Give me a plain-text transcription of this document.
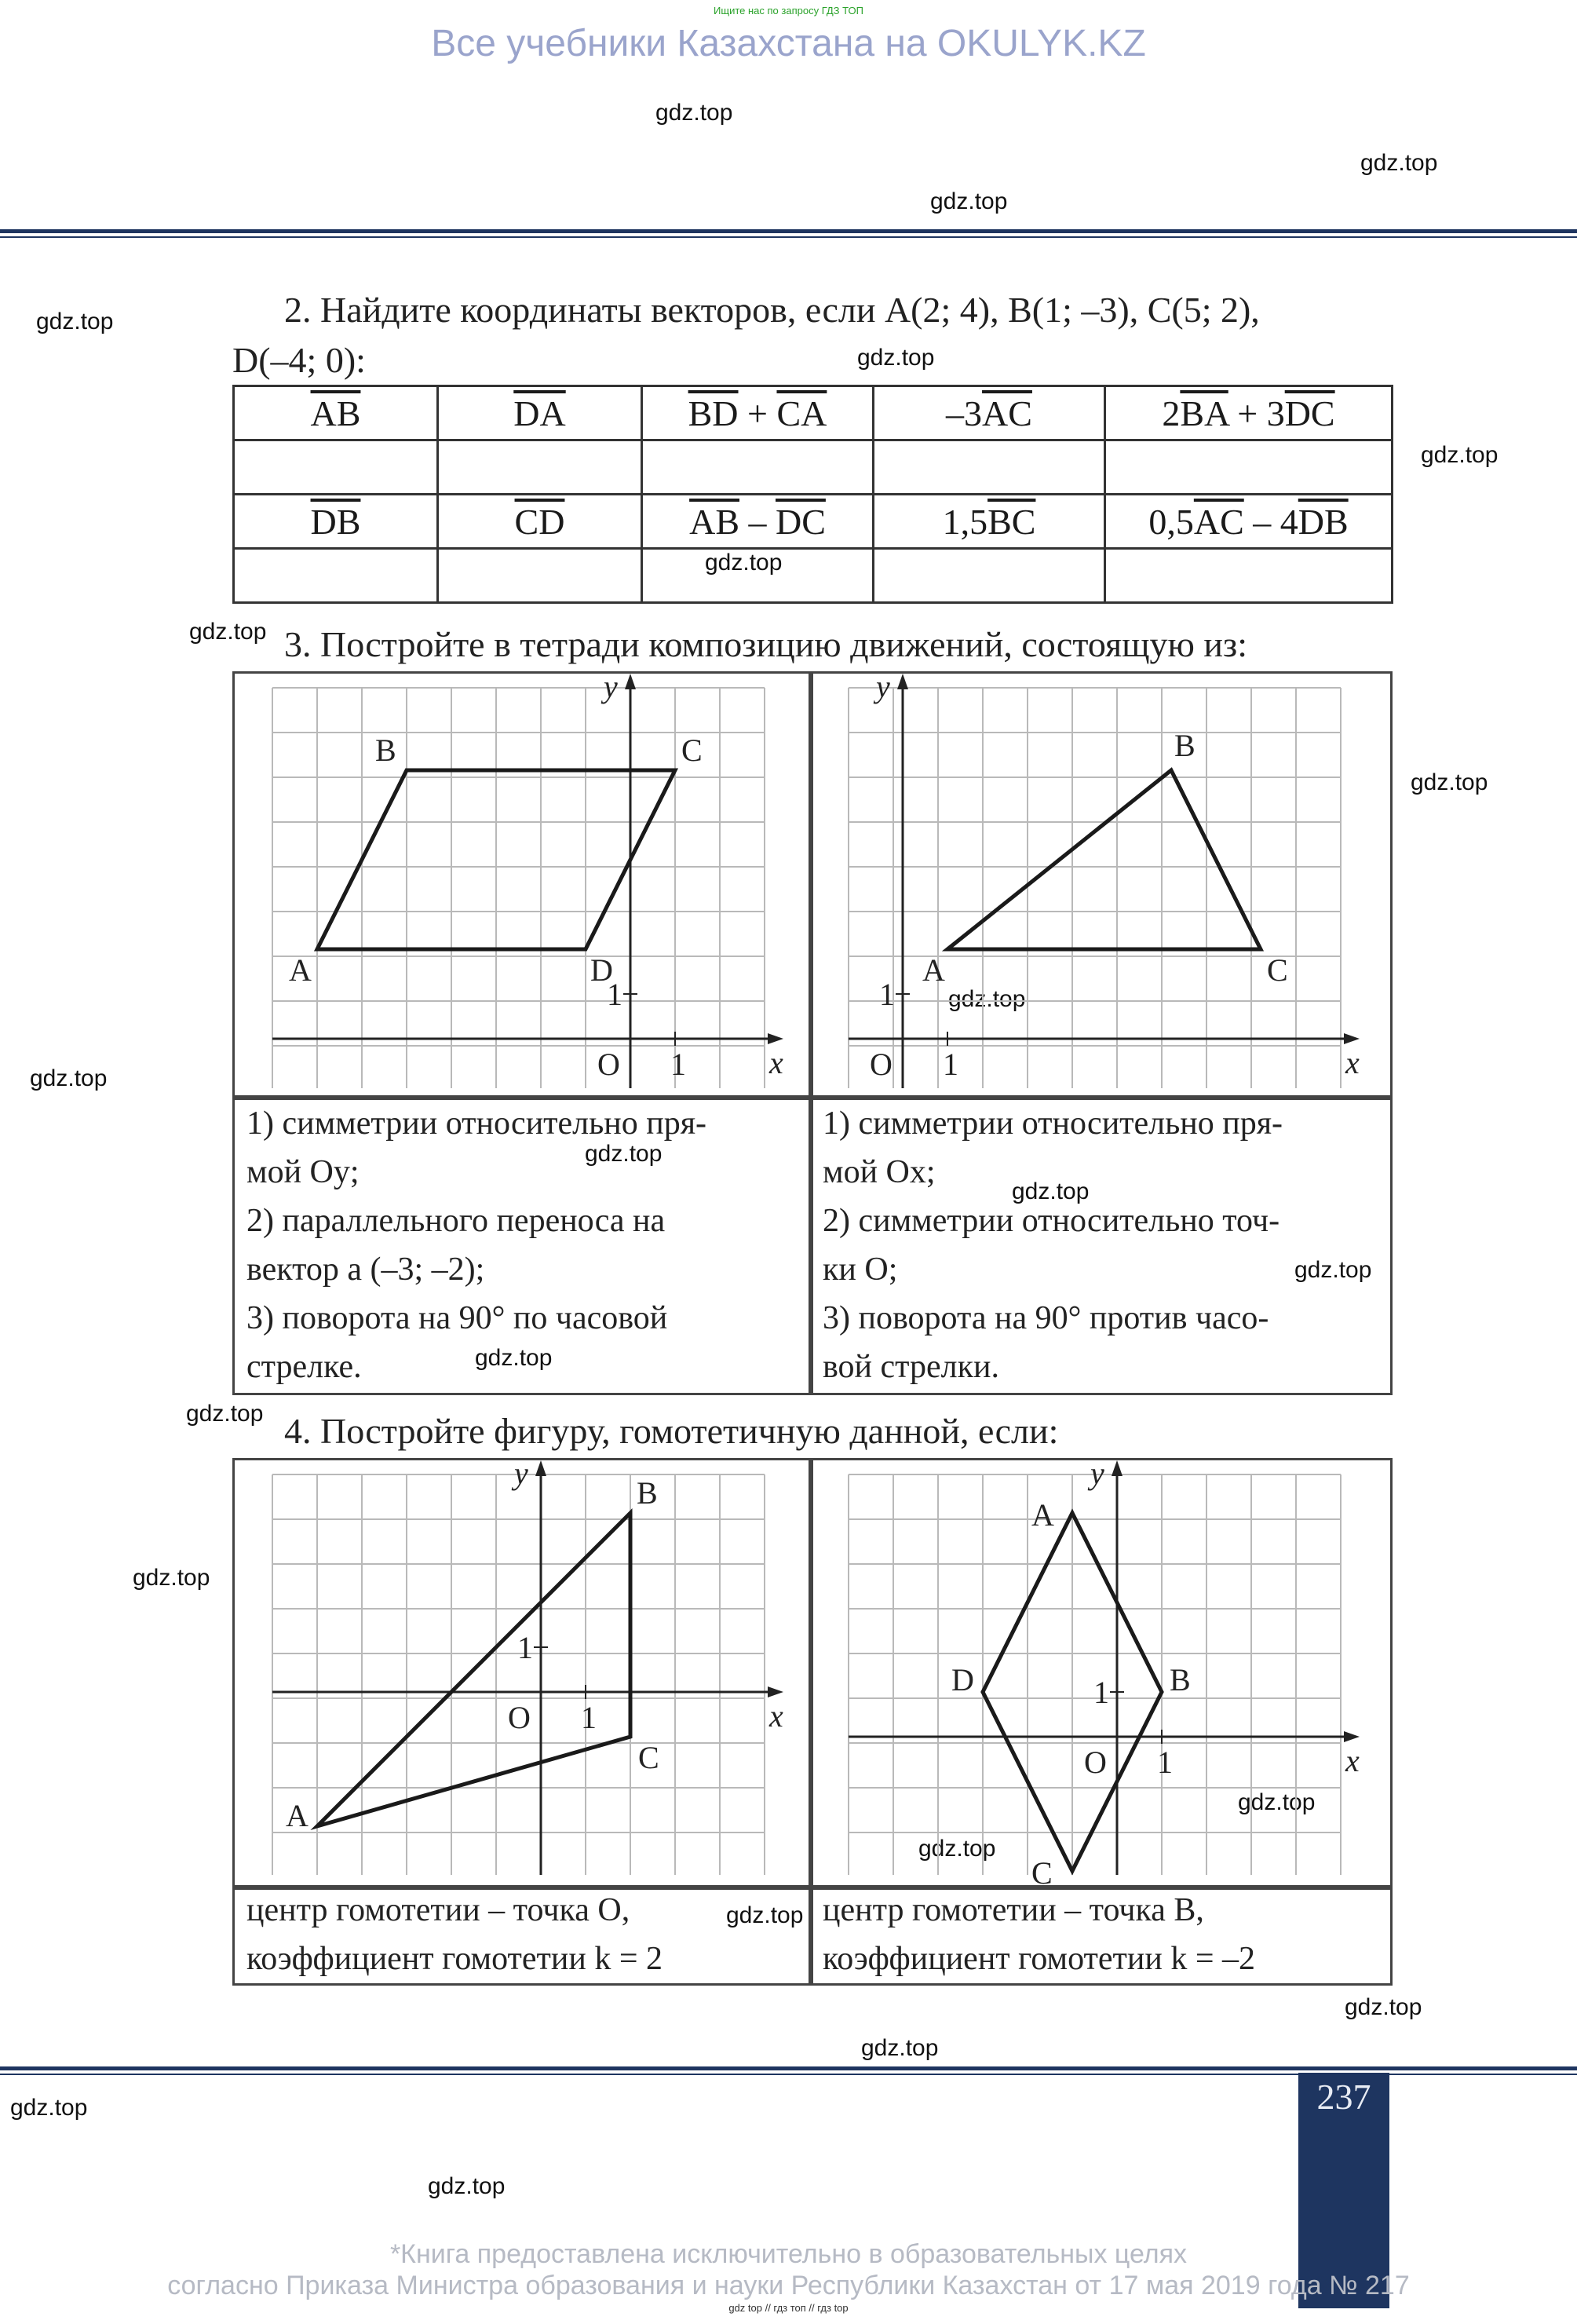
Ищите нас по запросу ГДЗ ТОП
Все учебники Казахстана на OKULYK.KZ
gdz.top
gdz.top
gdz.top
gdz.top
gdz.top
gdz.top
gdz.top
gdz.top
gdz.top
gdz.top
gdz.top
gdz.top
gdz.top
gdz.top
gdz.top
gdz.top
gdz.top
gdz.top
gdz.top
gdz.top
gdz.top
gdz.top
gdz.top
gdz.top
2. Найдите координаты векторов, если A(2; 4), B(1; –3), C(5; 2),
D(–4; 0):
$\overline{AB}$	$\overline{DA}$	$\overline{BD} + \overline{CA}$	$-3\overline{AC}$	$2\overline{BA} + 3\overline{DC}$

$\overline{DB}$	$\overline{CD}$	$\overline{AB} - \overline{DC}$	$1,5\overline{BC}$	$0,5\overline{AC} - 4\overline{DB}$

3. Постройте в тетради композицию движений, состоящую из:
x
y
O 1
1
A
B	C
D
x
y
O 1
1
A
B
C
1) симметрии относительно пря-
мой Oy;
2) параллельного переноса на
вектор a (–3; –2);
3) поворота на 90° по часовой
стрелке.
1) симметрии относительно пря-
мой Ox;
2) симметрии относительно точ-
ки O;
3) поворота на 90° против часо-
вой стрелки.
4. Постройте фигуру, гомотетичную данной, если:
x
y
O 1
1
A
B
C	x
y
O 1
1
A
B
C
D
центр гомотетии – точка O,
коэффициент гомотетии k = 2
центр гомотетии – точка B,
коэффициент гомотетии k = –2
237
*Книга предоставлена исключительно в образовательных целях
согласно Приказа Министра образования и науки Республики Казахстан от 17 мая 2019 года № 217
gdz top // гдз топ // гдз top
